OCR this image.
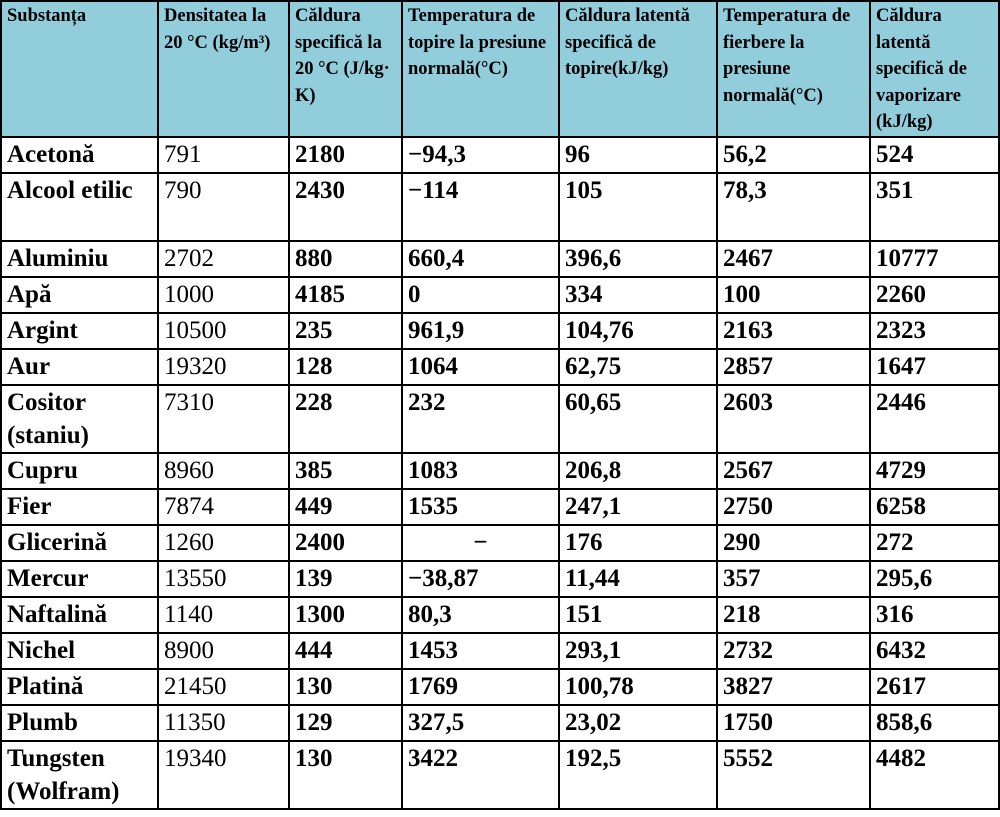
Substanța	Densitatea la 20 °C (kg/m³)	Căldura specifică la 20 °C (J/kg· K)	Temperatura de topire la presiune normală(°C)	Căldura latentă specifică de topire(kJ/kg)	Temperatura de fierbere la presiune normală(°C)	Căldura latentă specifică de vaporizare (kJ/kg)
Acetonă	791	2180	−94,3	96	56,2	524
Alcool etilic	790	2430	−114	105	78,3	351
Aluminiu	2702	880	660,4	396,6	2467	10777
Apă	1000	4185	0	334	100	2260
Argint	10500	235	961,9	104,76	2163	2323
Aur	19320	128	1064	62,75	2857	1647
Cositor (staniu)	7310	228	232	60,65	2603	2446
Cupru	8960	385	1083	206,8	2567	4729
Fier	7874	449	1535	247,1	2750	6258
Glicerină	1260	2400	−	176	290	272
Mercur	13550	139	−38,87	11,44	357	295,6
Naftalină	1140	1300	80,3	151	218	316
Nichel	8900	444	1453	293,1	2732	6432
Platină	21450	130	1769	100,78	3827	2617
Plumb	11350	129	327,5	23,02	1750	858,6
Tungsten (Wolfram)	19340	130	3422	192,5	5552	4482
